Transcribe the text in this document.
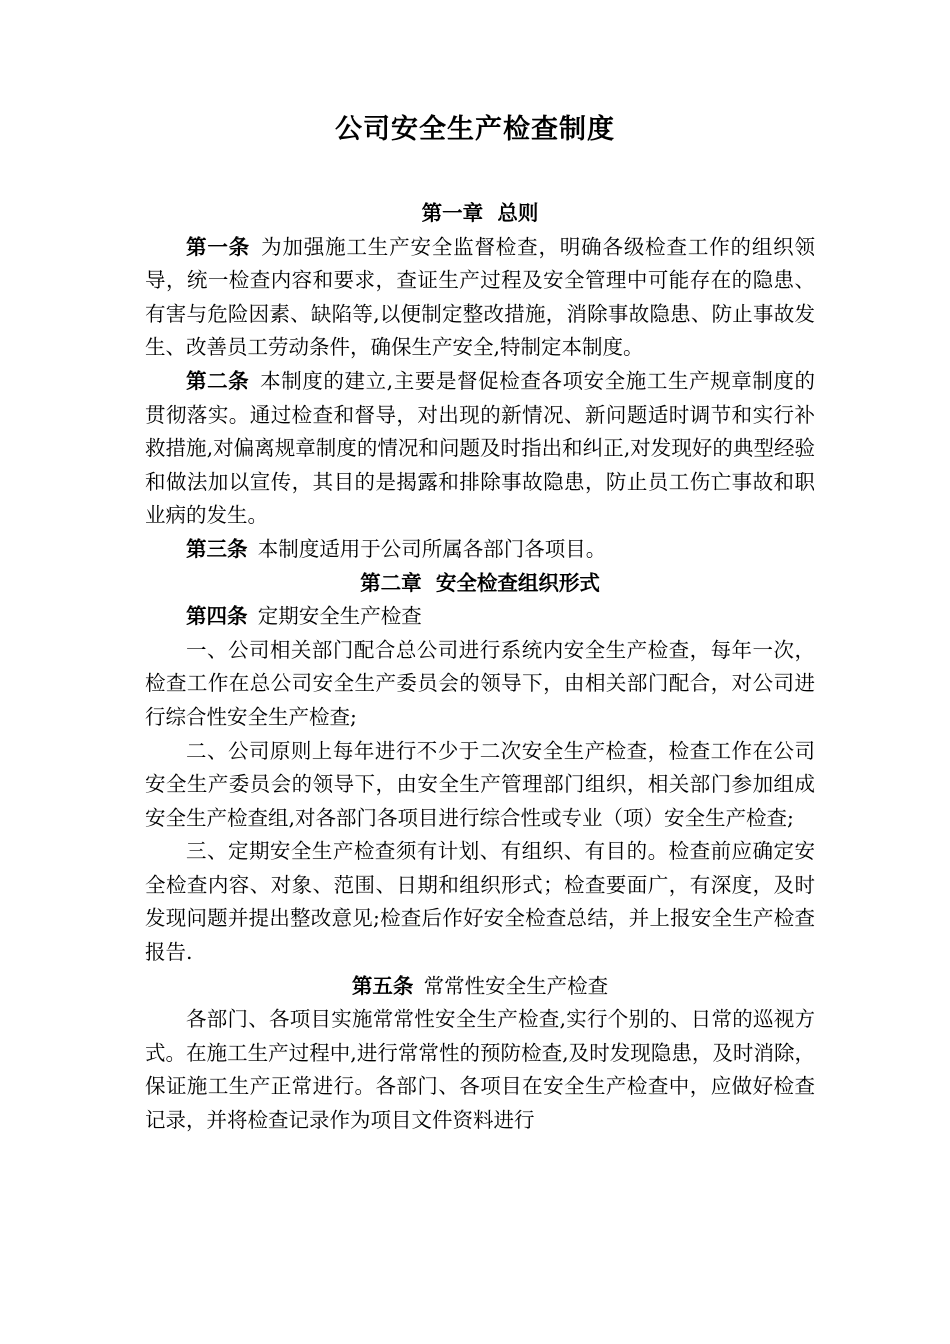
公司安全生产检查制度
第一章  总则

第一条 为加强施工生产安全监督检查，明确各级检查工作的组织领导，统一检查内容和要求，查证生产过程及安全管理中可能存在的隐患、有害与危险因素、缺陷等,以便制定整改措施，消除事故隐患、防止事故发生、改善员工劳动条件，确保生产安全,特制定本制度。

第二条 本制度的建立,主要是督促检查各项安全施工生产规章制度的贯彻落实。通过检查和督导，对出现的新情况、新问题适时调节和实行补救措施,对偏离规章制度的情况和问题及时指出和纠正,对发现好的典型经验和做法加以宣传，其目的是揭露和排除事故隐患，防止员工伤亡事故和职业病的发生。

第三条 本制度适用于公司所属各部门各项目。

第二章  安全检查组织形式

第四条 定期安全生产检查

一、公司相关部门配合总公司进行系统内安全生产检查，每年一次，检查工作在总公司安全生产委员会的领导下，由相关部门配合，对公司进行综合性安全生产检查;

二、公司原则上每年进行不少于二次安全生产检查，检查工作在公司安全生产委员会的领导下，由安全生产管理部门组织，相关部门参加组成安全生产检查组,对各部门各项目进行综合性或专业（项）安全生产检查;

三、定期安全生产检查须有计划、有组织、有目的。检查前应确定安全检查内容、对象、范围、日期和组织形式；检查要面广，有深度，及时发现问题并提出整改意见;检查后作好安全检查总结，并上报安全生产检查报告.

第五条 常常性安全生产检查

各部门、各项目实施常常性安全生产检查,实行个别的、日常的巡视方式。在施工生产过程中,进行常常性的预防检查,及时发现隐患，及时消除，保证施工生产正常进行。各部门、各项目在安全生产检查中，应做好检查记录，并将检查记录作为项目文件资料进行
